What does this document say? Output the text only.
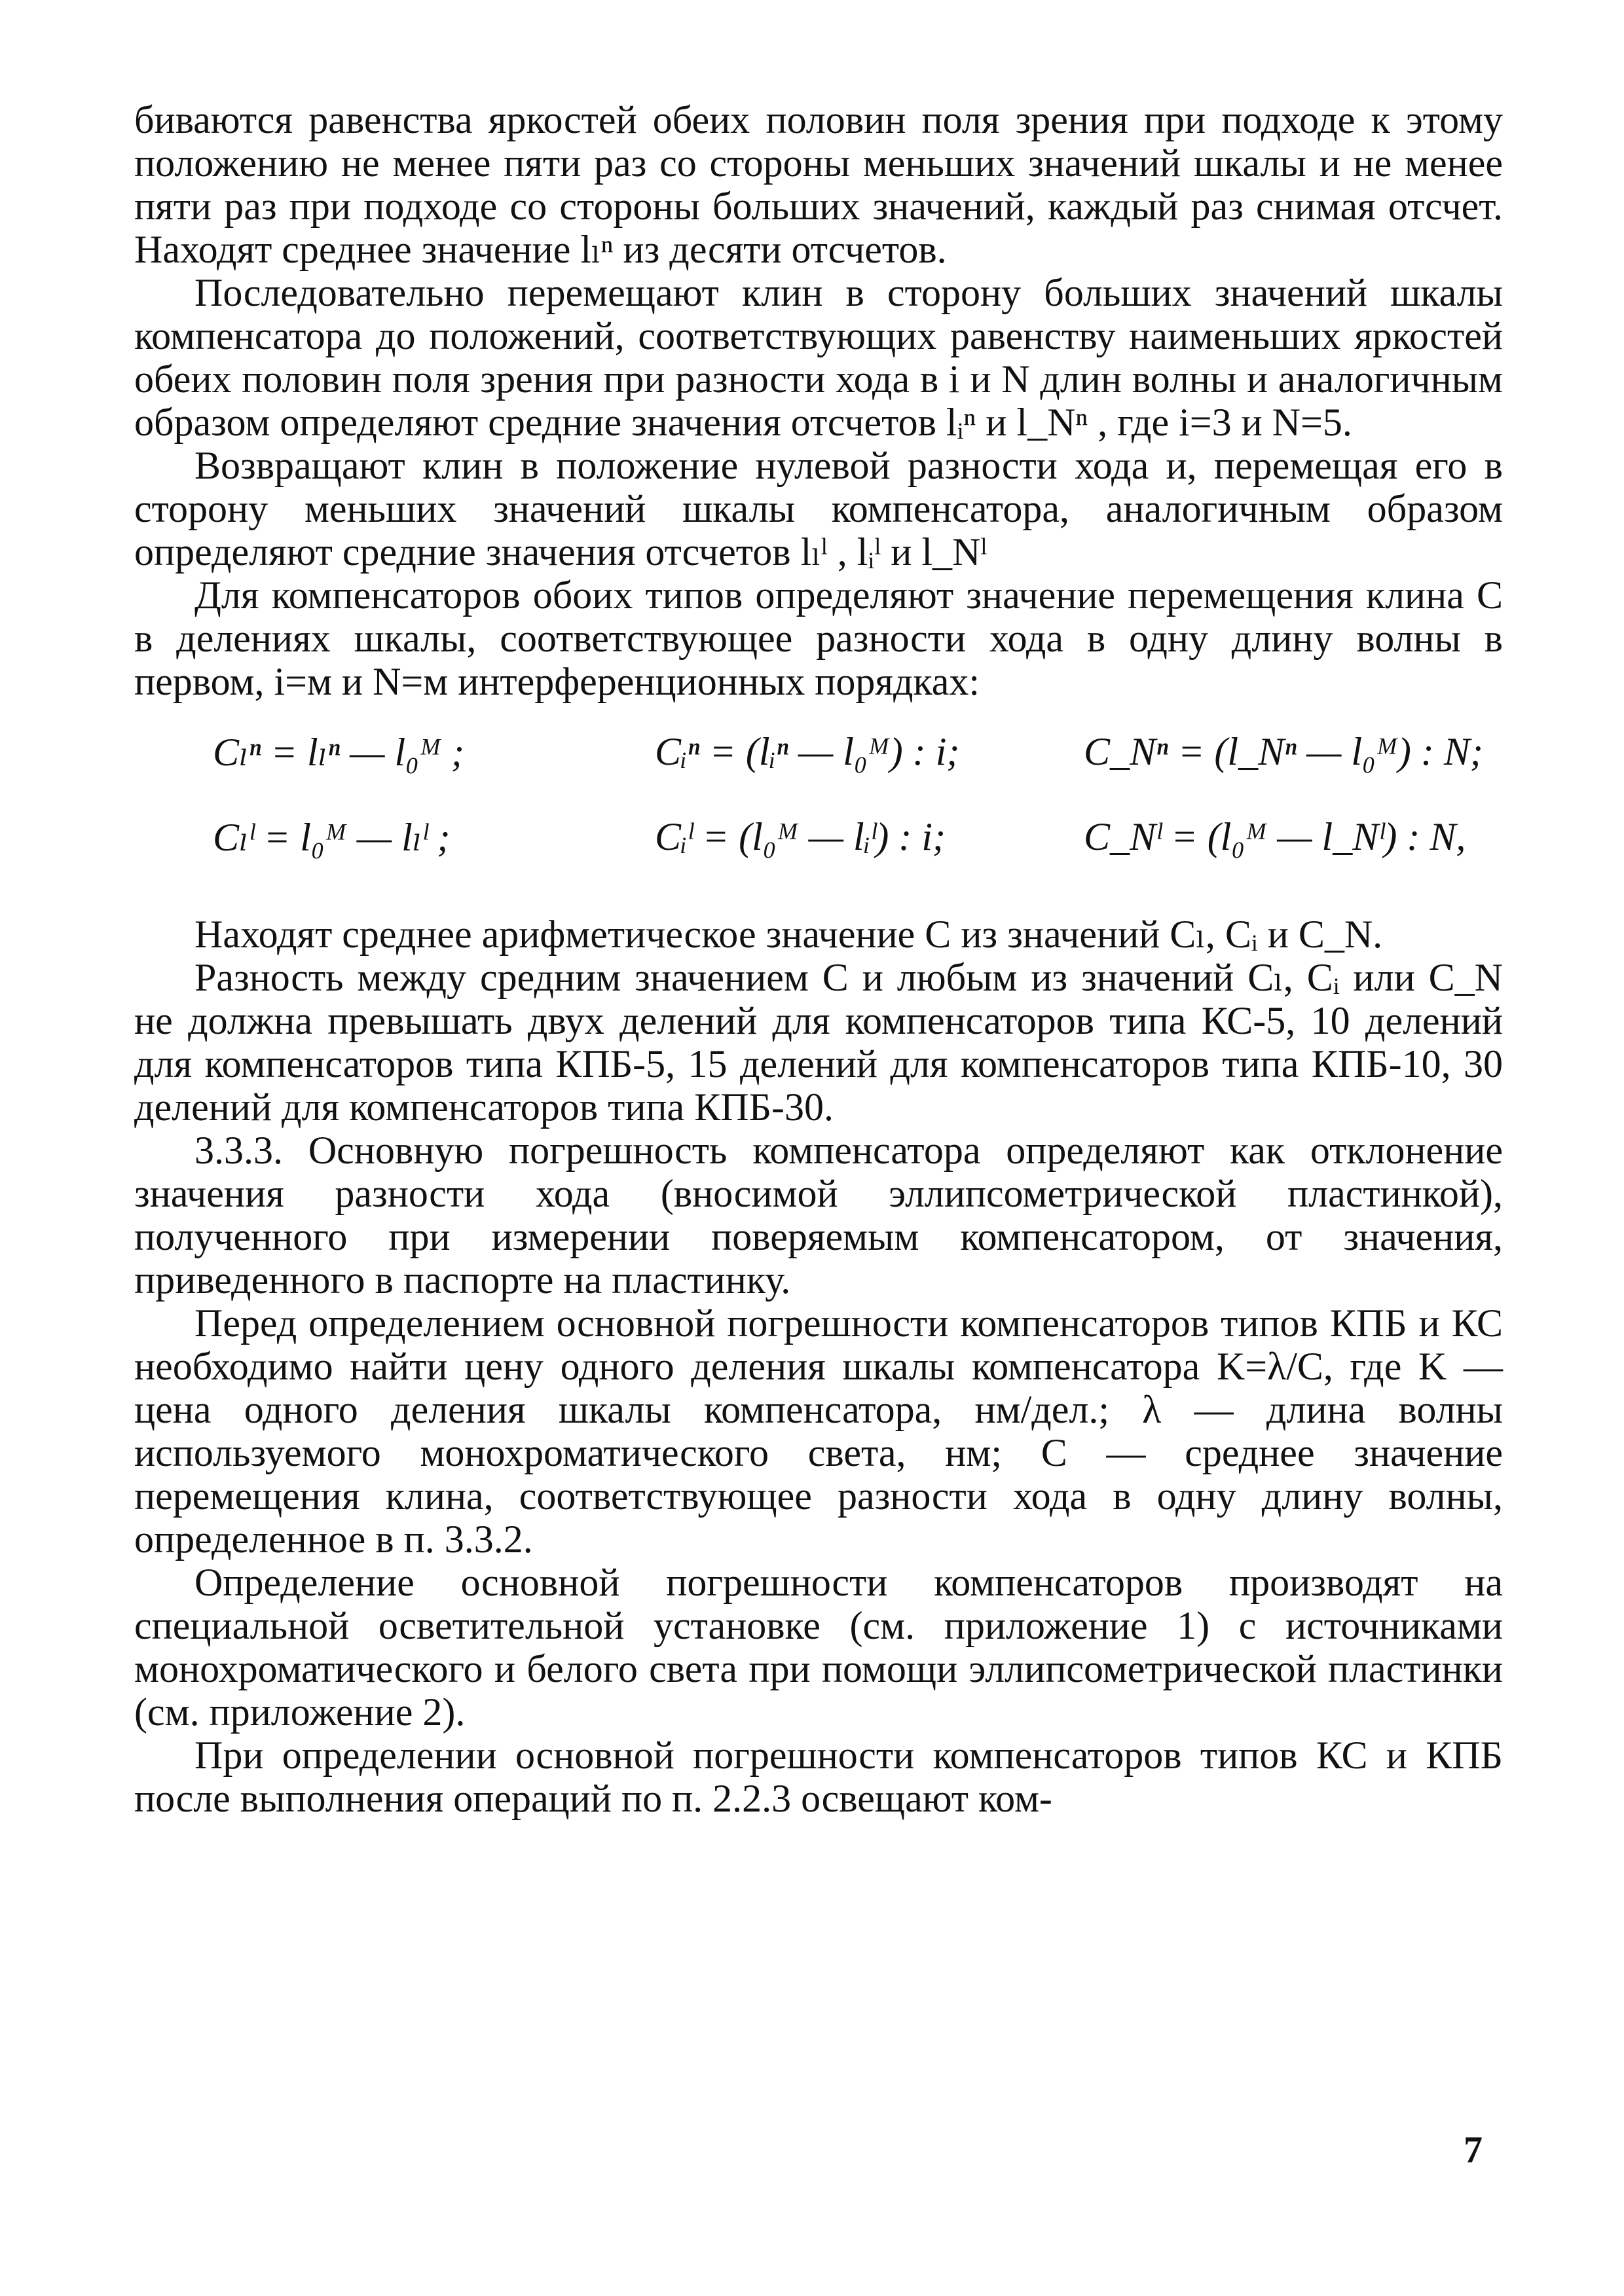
биваются равенства яркостей обеих половин поля зрения при подходе к этому положению не менее пяти раз со стороны меньших значений шкалы и не менее пяти раз при подходе со стороны больших значений, каждый раз снимая отсчет. Находят среднее значение lₗⁿ из десяти отсчетов.

Последовательно перемещают клин в сторону больших значений шкалы компенсатора до положений, соответствующих равенству наименьших яркостей обеих половин поля зрения при разности хода в i и N длин волны и аналогичным образом определяют средние значения отсчетов lᵢⁿ и l_Nⁿ , где i=3 и N=5.

Возвращают клин в положение нулевой разности хода и, перемещая его в сторону меньших значений шкалы компенсатора, аналогичным образом определяют средние значения отсчетов lₗˡ , lᵢˡ и l_Nˡ

Для компенсаторов обоих типов определяют значение перемещения клина C в делениях шкалы, соответствующее разности хода в одну длину волны в первом, i=м и N=м интерференционных порядках:

Cₗⁿ = lₗⁿ — l₀ᴹ ;	Cᵢⁿ = (lᵢⁿ — l₀ᴹ) : i;	C_Nⁿ = (l_Nⁿ — l₀ᴹ) : N;
Cₗˡ = l₀ᴹ — lₗˡ ;	Cᵢˡ = (l₀ᴹ — lᵢˡ) : i;	C_Nˡ = (l₀ᴹ — l_Nˡ) : N,

Находят среднее арифметическое значение C из значений Cₗ, Cᵢ и C_N.

Разность между средним значением C и любым из значений Cₗ, Cᵢ или C_N не должна превышать двух делений для компенсаторов типа КС-5, 10 делений для компенсаторов типа КПБ-5, 15 делений для компенсаторов типа КПБ-10, 30 делений для компенсаторов типа КПБ-30.

3.3.3. Основную погрешность компенсатора определяют как отклонение значения разности хода (вносимой эллипсометрической пластинкой), полученного при измерении поверяемым компенсатором, от значения, приведенного в паспорте на пластинку.

Перед определением основной погрешности компенсаторов типов КПБ и КС необходимо найти цену одного деления шкалы компенсатора K=λ/C, где K — цена одного деления шкалы компенсатора, нм/дел.; λ — длина волны используемого монохроматического света, нм; C — среднее значение перемещения клина, соответствующее разности хода в одну длину волны, определенное в п. 3.3.2.

Определение основной погрешности компенсаторов производят на специальной осветительной установке (см. приложение 1) с источниками монохроматического и белого света при помощи эллипсометрической пластинки (см. приложение 2).

При определении основной погрешности компенсаторов типов КС и КПБ после выполнения операций по п. 2.2.3 освещают ком-

7
